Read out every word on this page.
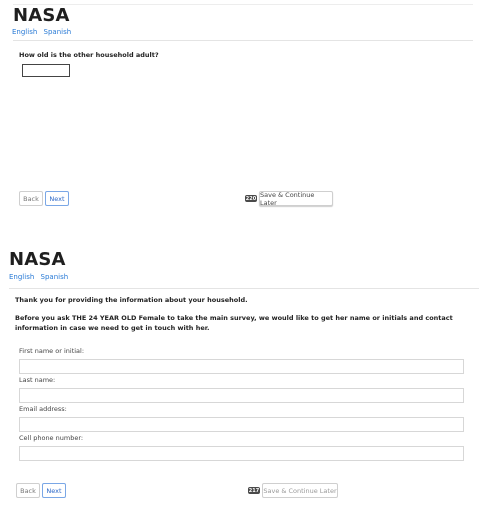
NASA
English Spanish
How old is the other household adult?
Back	Next	220 Save & Continue Later
NASA
English Spanish
Thank you for providing the information about your household.
Before you ask THE 24 YEAR OLD Female to take the main survey, we would like to get her name or initials and contact information in case we need to get in touch with her.
First name or initial:
Last name:
Email address:
Cell phone number:
Back	Next	217 Save & Continue Later
